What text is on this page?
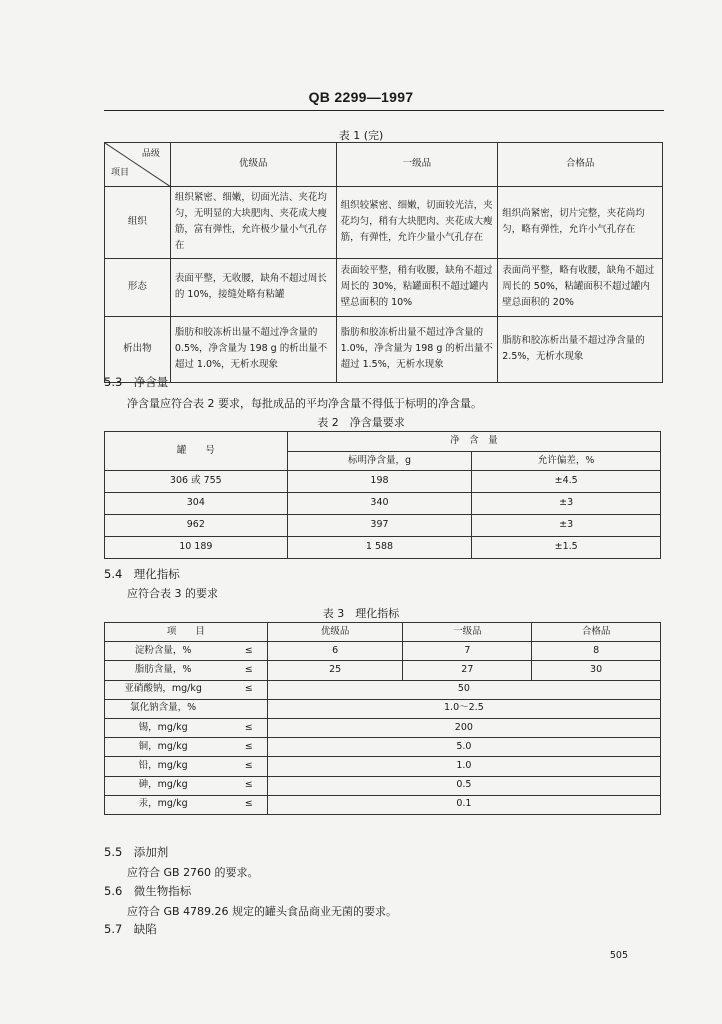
QB 2299—1997
表 1 (完)
品级
项目	优级品	一级品	合格品
组织	组织紧密、细嫩，切面光洁、夹花均匀，无明显的大块肥肉、夹花成大瘦筋，富有弹性，允许极少量小气孔存在	组织较紧密、细嫩，切面较光洁，夹花均匀，稍有大块肥肉、夹花成大瘦筋，有弹性，允许少量小气孔存在	组织尚紧密，切片完整，夹花尚均匀，略有弹性，允许小气孔存在
形态	表面平整，无收腰，缺角不超过周长的 10%，接缝处略有粘罐	表面较平整，稍有收腰，缺角不超过周长的 30%，粘罐面积不超过罐内壁总面积的 10%	表面尚平整，略有收腰，缺角不超过周长的 50%，粘罐面积不超过罐内壁总面积的 20%
析出物	脂肪和胶冻析出量不超过净含量的 0.5%，净含量为 198 g 的析出量不超过 1.0%，无析水现象	脂肪和胶冻析出量不超过净含量的 1.0%，净含量为 198 g 的析出量不超过 1.5%，无析水现象	脂肪和胶冻析出量不超过净含量的 2.5%，无析水现象
5.3　净含量
净含量应符合表 2 要求，每批成品的平均净含量不得低于标明的净含量。
表 2　净含量要求
罐　　号	净　含　量	
	标明净含量，g	允许偏差，%
306 或 755	198	±4.5
304	340	±3
962	397	±3
10 189	1 588	±1.5
5.4　理化指标
应符合表 3 的要求
表 3　理化指标
项　　目		优级品	一级品	合格品
淀粉含量，%	≤	6	7	8
脂肪含量，%	≤	25	27	30
亚硝酸钠，mg/kg	≤	50		
氯化钠含量，%		1.0～2.5		
锡，mg/kg	≤	200		
铜，mg/kg	≤	5.0		
铅，mg/kg	≤	1.0		
砷，mg/kg	≤	0.5		
汞，mg/kg	≤	0.1		
5.5　添加剂
应符合 GB 2760 的要求。
5.6　微生物指标
应符合 GB 4789.26 规定的罐头食品商业无菌的要求。
5.7　缺陷
505
